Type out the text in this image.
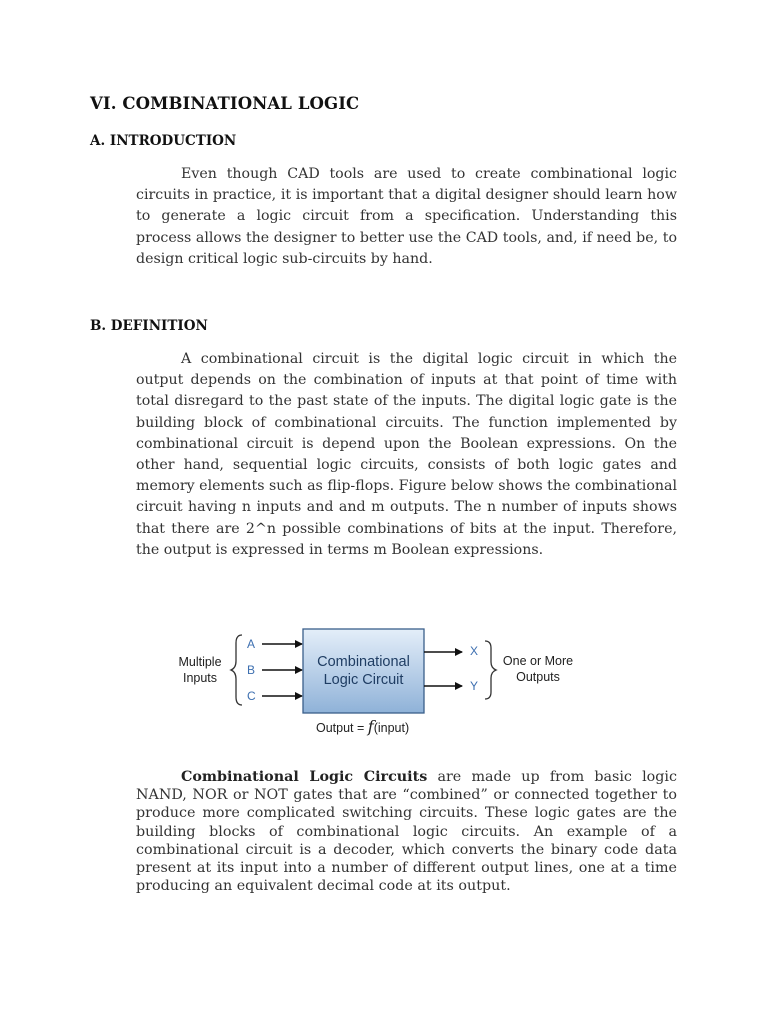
VI. COMBINATIONAL LOGIC
A. INTRODUCTION

Even though CAD tools are used to create combinational logic circuits in practice, it is important that a digital designer should learn how to generate a logic circuit from a specification. Understanding this process allows the designer to better use the CAD tools, and, if need be, to design critical logic sub-circuits by hand.

B. DEFINITION

A combinational circuit is the digital logic circuit in which the output depends on the combination of inputs at that point of time with total disregard to the past state of the inputs. The digital logic gate is the building block of combinational circuits. The function implemented by combinational circuit is depend upon the Boolean expressions. On the other hand, sequential logic circuits, consists of both logic gates and memory elements such as flip-flops. Figure below shows the combinational circuit having n inputs and and m outputs. The n number of inputs shows that there are 2^n possible combinations of bits at the input. Therefore, the output is expressed in terms m Boolean expressions.

Multiple
Inputs
A
B
C
Combinational
Logic Circuit
X
Y
One or More
Outputs
Output = f(input)

Combinational Logic Circuits are made up from basic logic NAND, NOR or NOT gates that are “combined” or connected together to produce more complicated switching circuits. These logic gates are the building blocks of combinational logic circuits. An example of a combinational circuit is a decoder, which converts the binary code data present at its input into a number of different output lines, one at a time producing an equivalent decimal code at its output.
